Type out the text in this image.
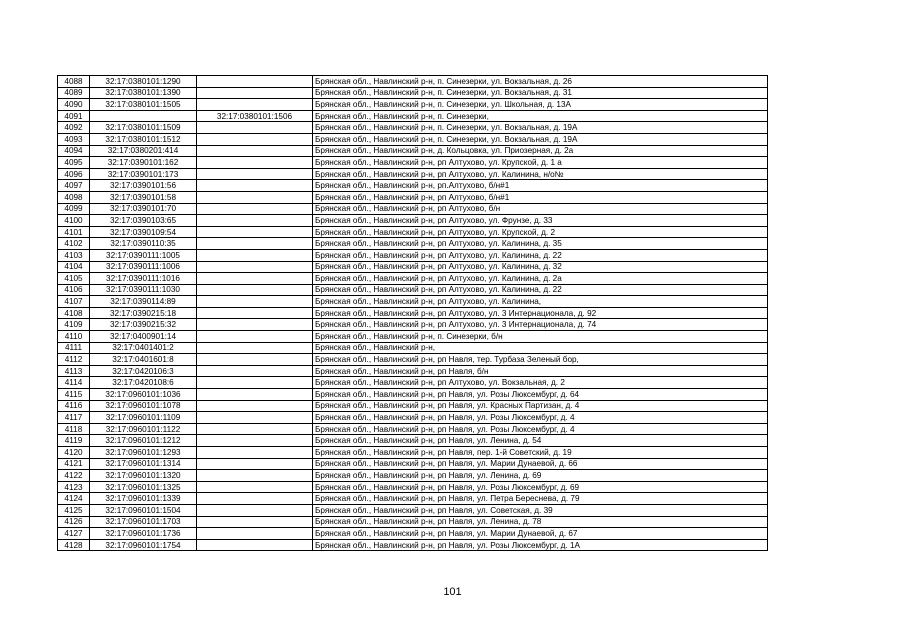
4088	32:17:0380101:1290		Брянская обл., Навлинский р-н, п. Синезерки, ул. Вокзальная, д. 26
4089	32:17:0380101:1390		Брянская обл., Навлинский р-н, п. Синезерки, ул. Вокзальная, д. 31
4090	32:17:0380101:1505		Брянская обл., Навлинский р-н, п. Синезерки, ул. Школьная, д. 13А
4091		32:17:0380101:1506	Брянская обл., Навлинский р-н, п. Синезерки,
4092	32:17:0380101:1509		Брянская обл., Навлинский р-н, п. Синезерки, ул. Вокзальная, д. 19А
4093	32:17:0380101:1512		Брянская обл., Навлинский р-н, п. Синезерки, ул. Вокзальная, д. 19А
4094	32:17:0380201:414		Брянская обл., Навлинский р-н, д. Кольцовка, ул. Приозерная, д. 2а
4095	32:17:0390101:162		Брянская обл., Навлинский р-н, рп Алтухово, ул. Крупской, д. 1 а
4096	32:17:0390101:173		Брянская обл., Навлинский р-н, рп Алтухово, ул. Калинина, н/о№
4097	32:17:0390101:56		Брянская обл., Навлинский р-н, рп.Алтухово, б/н#1
4098	32:17:0390101:58		Брянская обл., Навлинский р-н, рп Алтухово, б/н#1
4099	32:17:0390101:70		Брянская обл., Навлинский р-н, рп Алтухово, б/н
4100	32:17:0390103:65		Брянская обл., Навлинский р-н, рп Алтухово, ул. Фрунзе, д. 33
4101	32:17:0390109:54		Брянская обл., Навлинский р-н, рп Алтухово, ул. Крупской, д. 2
4102	32:17:0390110:35		Брянская обл., Навлинский р-н, рп Алтухово, ул. Калинина, д. 35
4103	32:17:0390111:1005		Брянская обл., Навлинский р-н, рп Алтухово, ул. Калинина, д. 22
4104	32:17:0390111:1006		Брянская обл., Навлинский р-н, рп Алтухово, ул. Калинина, д. 32
4105	32:17:0390111:1016		Брянская обл., Навлинский р-н, рп Алтухово, ул. Калинина, д. 2а
4106	32:17:0390111:1030		Брянская обл., Навлинский р-н, рп Алтухово, ул. Калинина, д. 22
4107	32:17:0390114:89		Брянская обл., Навлинский р-н, рп Алтухово, ул. Калинина,
4108	32:17:0390215:18		Брянская обл., Навлинский р-н, рп Алтухово, ул. 3 Интернационала, д. 92
4109	32:17:0390215:32		Брянская обл., Навлинский р-н, рп Алтухово, ул. 3 Интернационала, д. 74
4110	32:17:0400901:14		Брянская обл., Навлинский р-н, п. Синезерки, б/н
4111	32:17:0401401:2		Брянская обл., Навлинский р-н,
4112	32:17:0401601:8		Брянская обл., Навлинский р-н, рп Навля, тер. Турбаза Зеленый бор,
4113	32:17:0420106:3		Брянская обл., Навлинский р-н, рп Навля, б/н
4114	32:17:0420108:6		Брянская обл., Навлинский р-н, рп Алтухово, ул. Вокзальная, д. 2
4115	32:17:0960101:1036		Брянская обл., Навлинский р-н, рп Навля, ул. Розы Люксембург, д. 64
4116	32:17:0960101:1078		Брянская обл., Навлинский р-н, рп Навля, ул. Красных Партизан, д. 4
4117	32:17:0960101:1109		Брянская обл., Навлинский р-н, рп Навля, ул. Розы Люксембург, д. 4
4118	32:17:0960101:1122		Брянская обл., Навлинский р-н, рп Навля, ул. Розы Люксембург, д. 4
4119	32:17:0960101:1212		Брянская обл., Навлинский р-н, рп Навля, ул. Ленина, д. 54
4120	32:17:0960101:1293		Брянская обл., Навлинский р-н, рп Навля, пер. 1-й Советский, д. 19
4121	32:17:0960101:1314		Брянская обл., Навлинский р-н, рп Навля, ул. Марии Дунаевой, д. 66
4122	32:17:0960101:1320		Брянская обл., Навлинский р-н, рп Навля, ул. Ленина, д. 69
4123	32:17:0960101:1325		Брянская обл., Навлинский р-н, рп Навля, ул. Розы Люксембург, д. 69
4124	32:17:0960101:1339		Брянская обл., Навлинский р-н, рп Навля, ул. Петра Береснева, д. 79
4125	32:17:0960101:1504		Брянская обл., Навлинский р-н, рп Навля, ул. Советская, д. 39
4126	32:17:0960101:1703		Брянская обл., Навлинский р-н, рп Навля, ул. Ленина, д. 78
4127	32:17:0960101:1736		Брянская обл., Навлинский р-н, рп Навля, ул. Марии Дунаевой, д. 67
4128	32:17:0960101:1754		Брянская обл., Навлинский р-н, рп Навля, ул. Розы Люксембург, д. 1А
101
